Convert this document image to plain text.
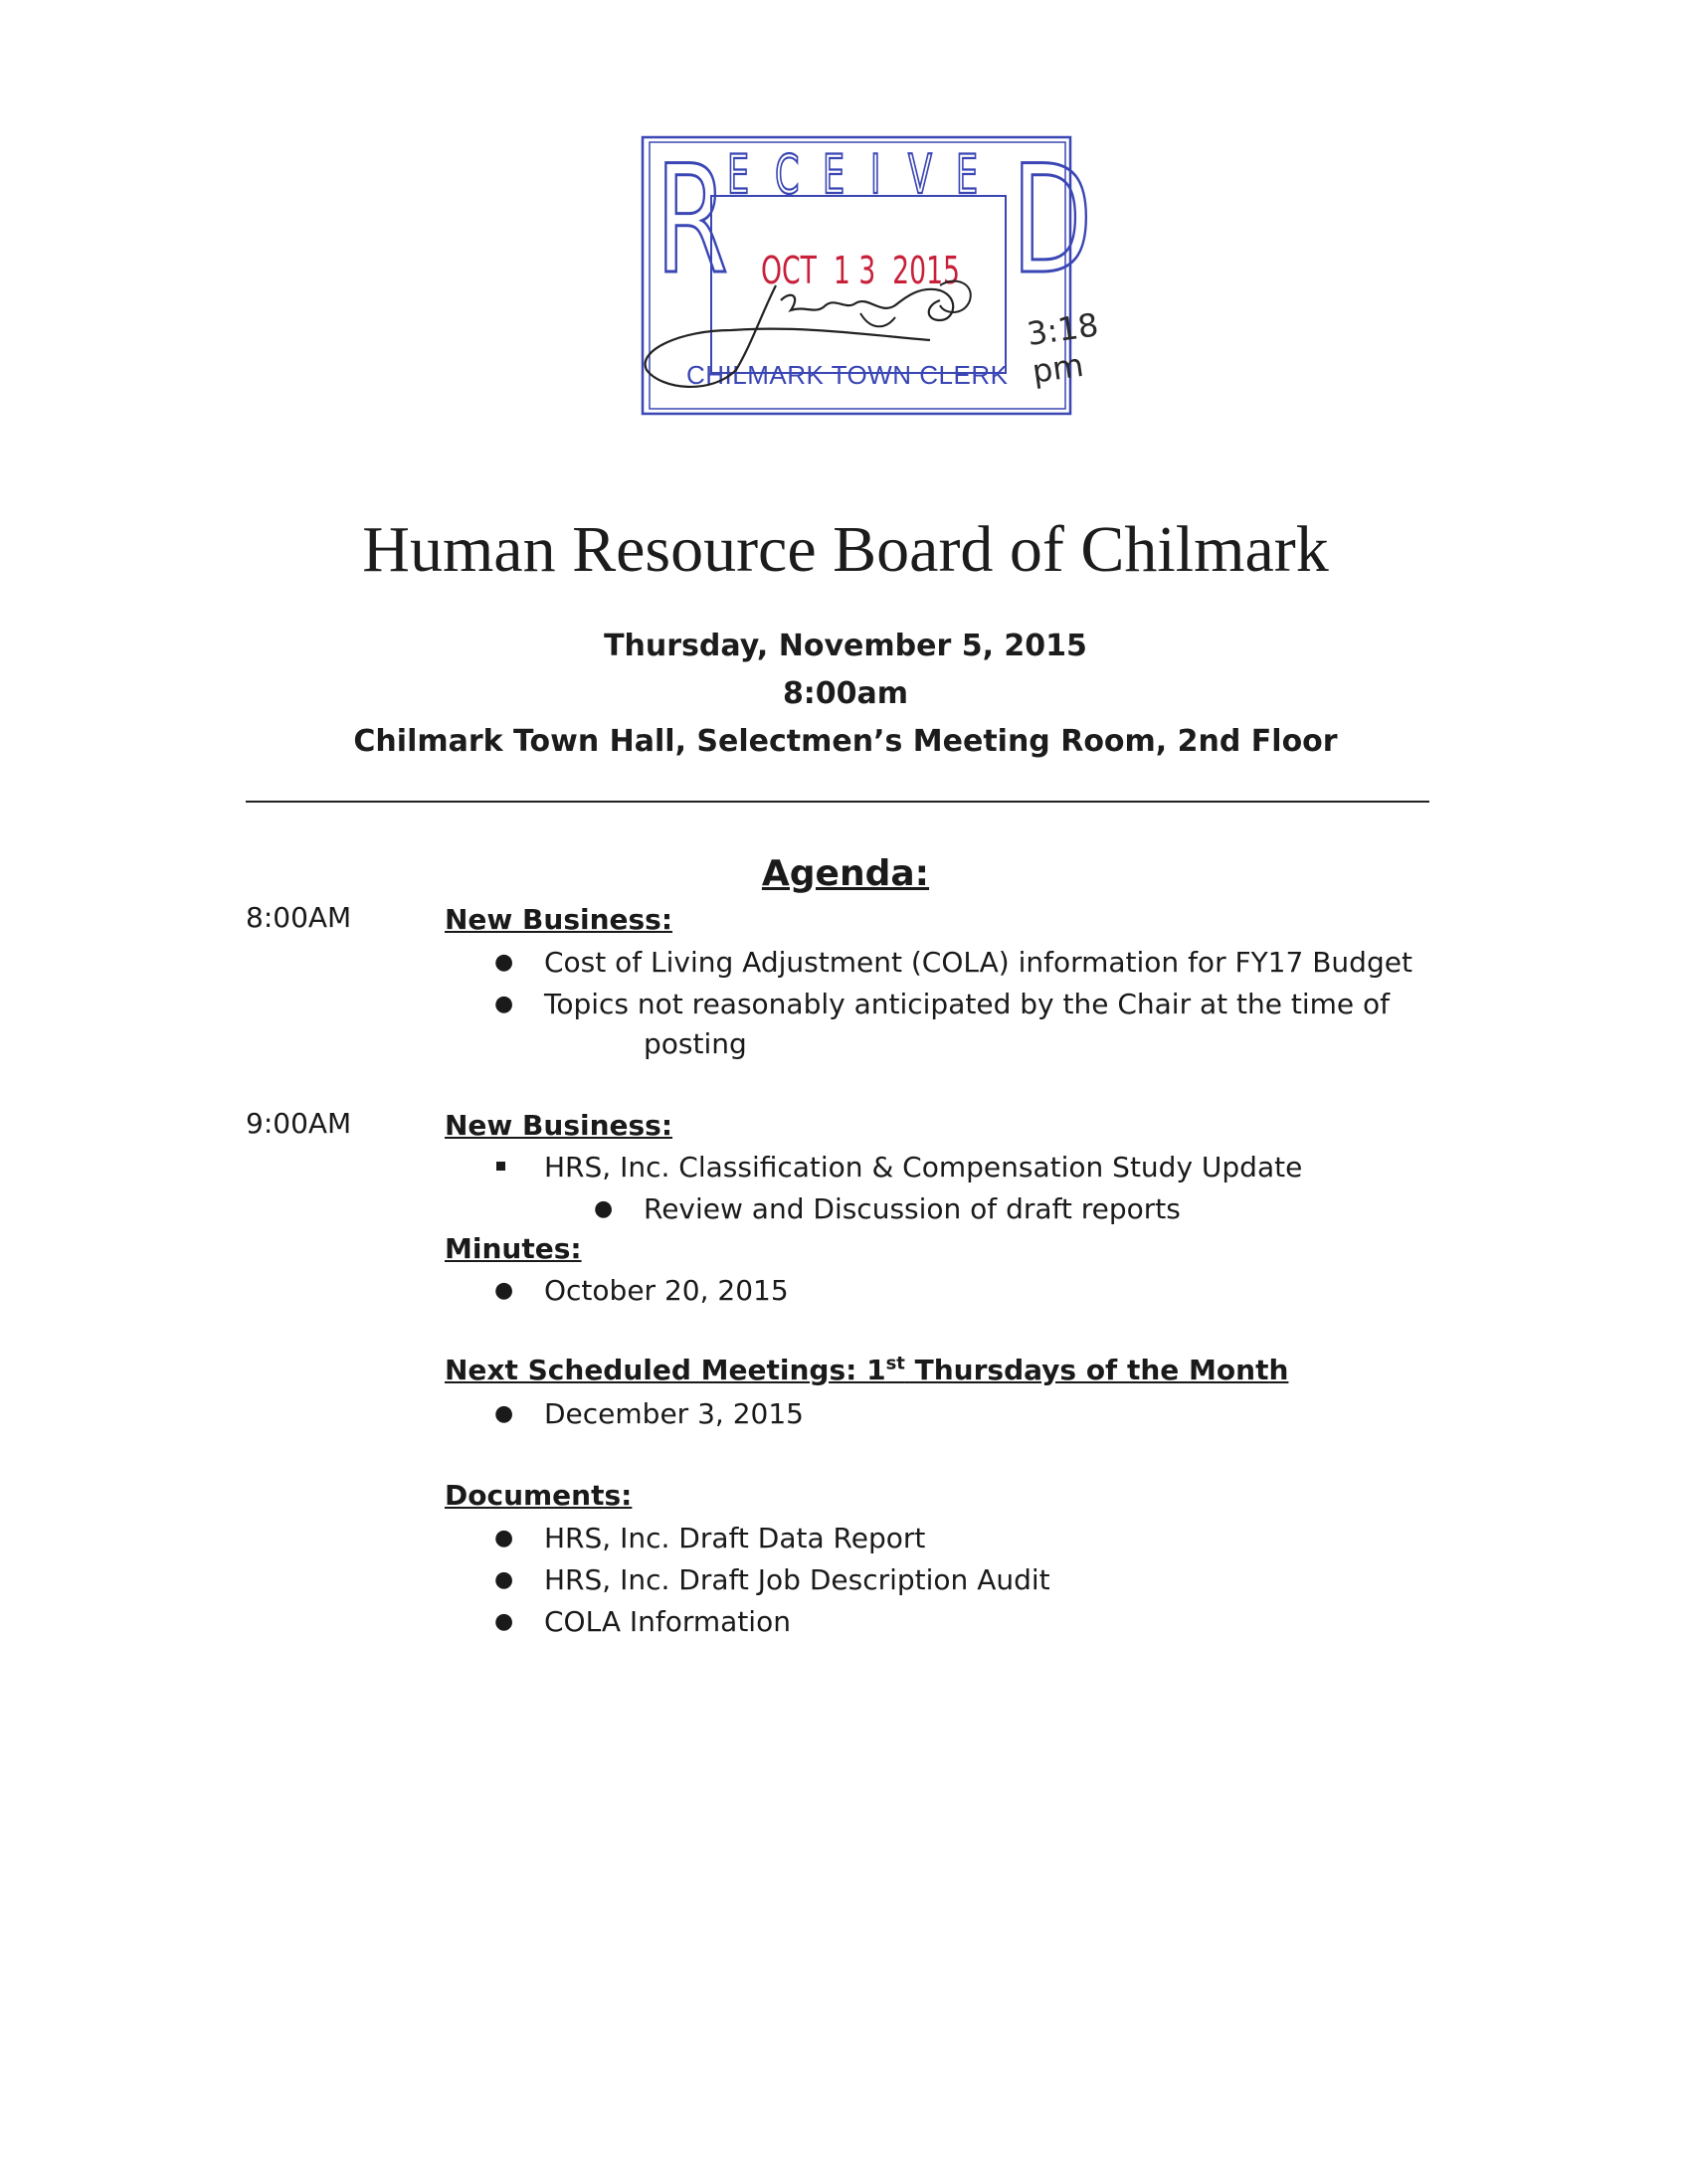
R
E C E I V E D
OCT  1 3  2015
CHILMARK TOWN CLERK
3:18 pm
Human Resource Board of Chilmark
Thursday, November 5, 2015
8:00am
Chilmark Town Hall, Selectmen’s Meeting Room, 2nd Floor
Agenda:
8:00AM	New Business:
● Cost of Living Adjustment (COLA) information for FY17 Budget
● Topics not reasonably anticipated by the Chair at the time of
posting
9:00AM	New Business:
HRS, Inc. Classification & Compensation Study Update
● Review and Discussion of draft reports
Minutes:
● October 20, 2015
Next Scheduled Meetings: 1st Thursdays of the Month
● December 3, 2015
Documents:
● HRS, Inc. Draft Data Report
● HRS, Inc. Draft Job Description Audit
● COLA Information
